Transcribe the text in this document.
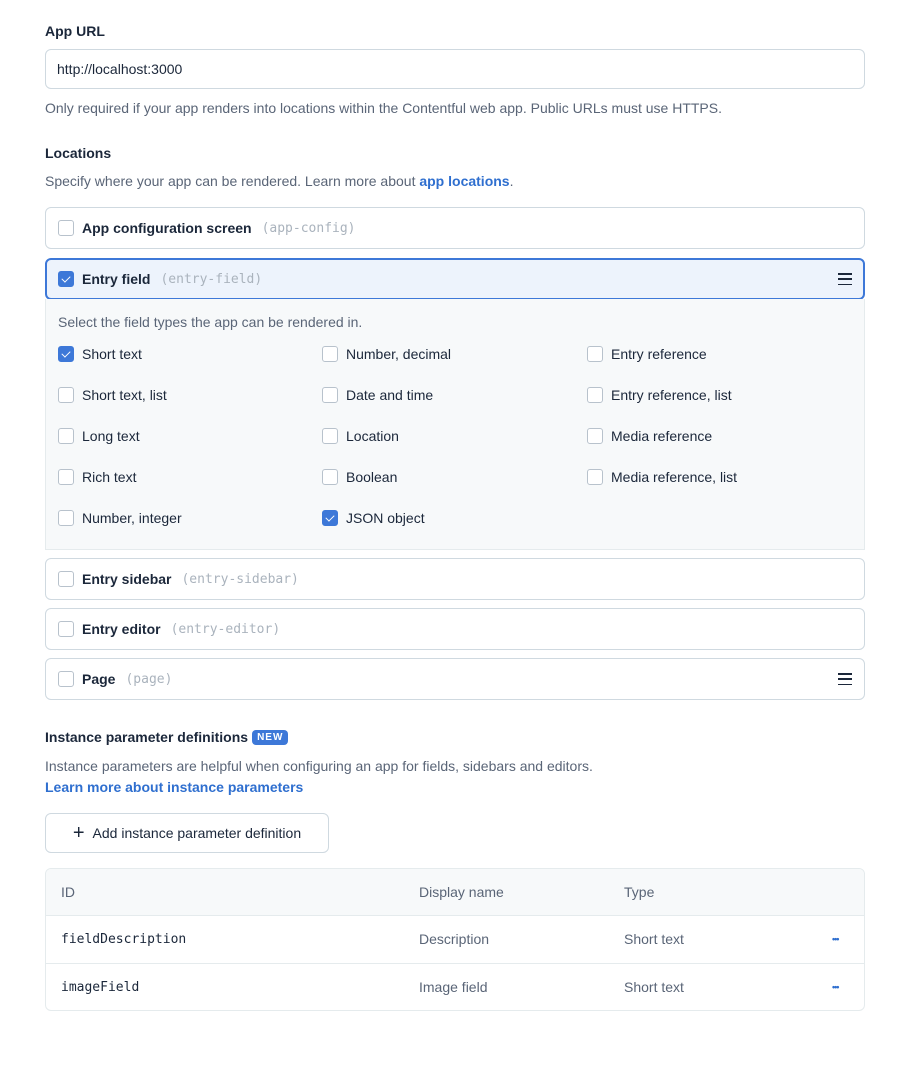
App URL
http://localhost:3000
Only required if your app renders into locations within the Contentful web app. Public URLs must use HTTPS.
Locations
Specify where your app can be rendered. Learn more about app locations.
App configuration screen (app-config)
Entry field (entry-field)
Select the field types the app can be rendered in.
Short text
Short text, list
Long text
Rich text
Number, integer
Number, decimal
Date and time
Location
Boolean
JSON object
Entry reference
Entry reference, list
Media reference
Media reference, list
Entry sidebar (entry-sidebar)
Entry editor (entry-editor)
Page (page)
Instance parameter definitions NEW
Instance parameters are helpful when configuring an app for fields, sidebars and editors.
Learn more about instance parameters
+ Add instance parameter definition
ID	Display name	Type
fieldDescription	Description	Short text	•••
imageField	Image field	Short text	•••
